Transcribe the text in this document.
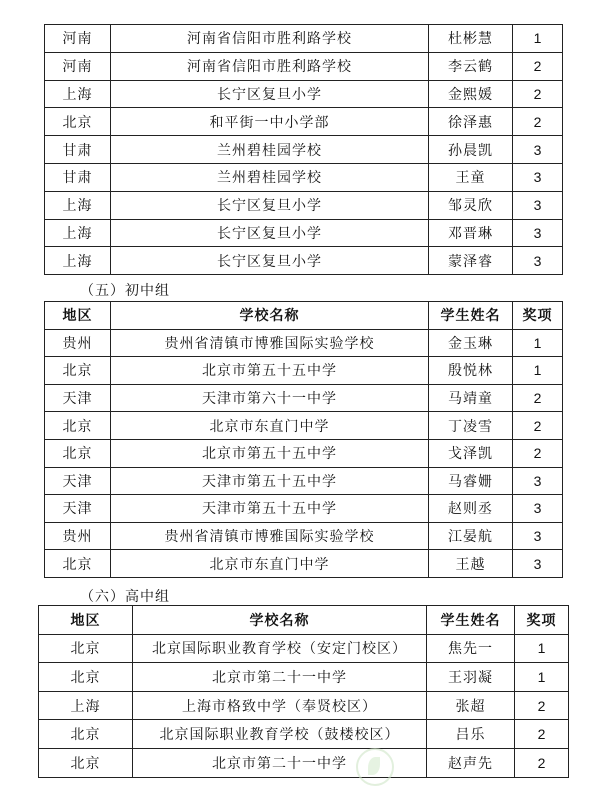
河南	河南省信阳市胜利路学校	杜彬慧	1
河南	河南省信阳市胜利路学校	李云鹤	2
上海	长宁区复旦小学	金熙媛	2
北京	和平街一中小学部	徐泽惠	2
甘肃	兰州碧桂园学校	孙晨凯	3
甘肃	兰州碧桂园学校	王童	3
上海	长宁区复旦小学	邹灵欣	3
上海	长宁区复旦小学	邓晋琳	3
上海	长宁区复旦小学	蒙泽睿	3
（五）初中组
地区	学校名称	学生姓名	奖项
贵州	贵州省清镇市博雅国际实验学校	金玉琳	1
北京	北京市第五十五中学	殷悦林	1
天津	天津市第六十一中学	马靖童	2
北京	北京市东直门中学	丁凌雪	2
北京	北京市第五十五中学	戈泽凯	2
天津	天津市第五十五中学	马睿姗	3
天津	天津市第五十五中学	赵则丞	3
贵州	贵州省清镇市博雅国际实验学校	江晏航	3
北京	北京市东直门中学	王越	3
（六）高中组
地区	学校名称	学生姓名	奖项
北京	北京国际职业教育学校（安定门校区）	焦先一	1
北京	北京市第二十一中学	王羽凝	1
上海	上海市格致中学（奉贤校区）	张超	2
北京	北京国际职业教育学校（鼓楼校区）	吕乐	2
北京	北京市第二十一中学	赵声先	2
